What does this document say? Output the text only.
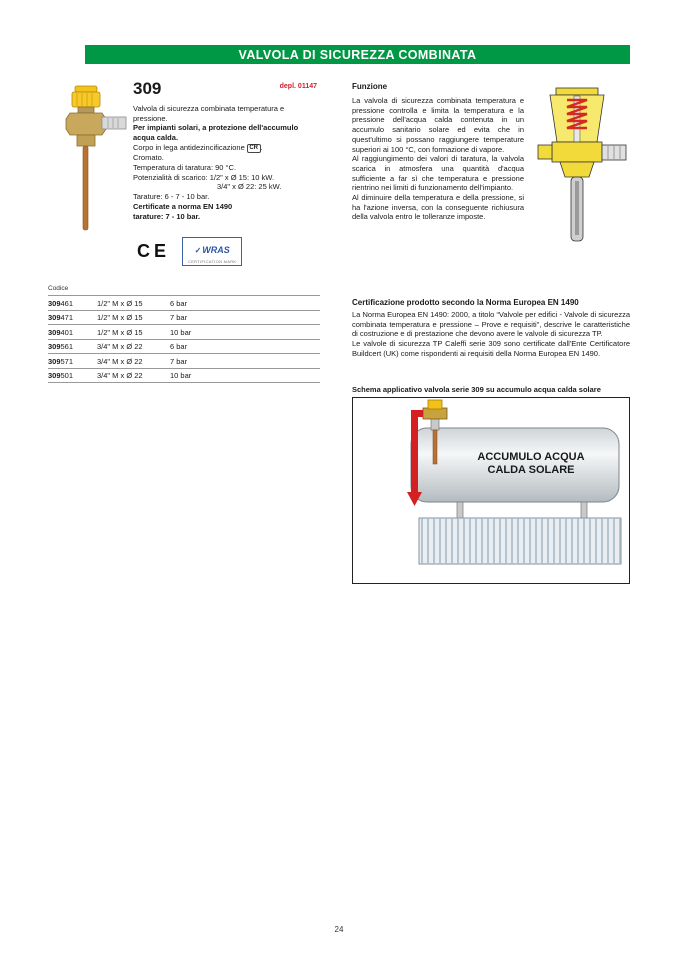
VALVOLA DI SICUREZZA COMBINATA
309	depl. 01147
Valvola di sicurezza combinata temperatura e pressione.
Per impianti solari, a protezione dell'accumulo acqua calda.
Corpo in lega antidezincificazione CR .
Cromato.
Temperatura di taratura: 90 °C.
Potenzialità di scarico: 1/2" x Ø 15: 10 kW.
3/4" x Ø 22: 25 kW.
Tarature: 6 - 7 - 10 bar.
Certificate a norma EN 1490
tarature: 7 - 10 bar.
CE	✓WRAS
CERTIFICATION MARK
Codice
309461	1/2" M x Ø 15	6 bar
309471	1/2" M x Ø 15	7 bar
309401	1/2" M x Ø 15	10 bar
309561	3/4" M x Ø 22	6 bar
309571	3/4" M x Ø 22	7 bar
309501	3/4" M x Ø 22	10 bar
Funzione
La valvola di sicurezza combinata temperatura e pressione controlla e limita la temperatura e la pressione dell'acqua calda contenuta in un accumulo sanitario solare ed evita che in quest'ultimo si possano raggiungere temperature superiori ai 100 °C, con formazione di vapore.
Al raggiungimento dei valori di taratura, la valvola scarica in atmosfera una quantità d'acqua sufficiente a far sì che temperatura e pressione rientrino nei limiti di funzionamento dell'impianto.
Al diminuire della temperatura e della pressione, si ha l'azione inversa, con la conseguente richiusura della valvola entro le tolleranze imposte.
Certificazione prodotto secondo la Norma Europea EN 1490
La Norma Europea EN 1490: 2000, a titolo “Valvole per edifici - Valvole di sicurezza combinata temperatura e pressione – Prove e requisiti”, descrive le caratteristiche di costruzione e di prestazione che devono avere le valvole di sicurezza TP.
Le valvole di sicurezza TP Caleffi serie 309 sono certificate dall'Ente Certificatore Buildcert (UK) come rispondenti ai requisiti della Norma Europea EN 1490.
Schema applicativo valvola serie 309 su accumulo acqua calda solare
ACCUMULO ACQUA
CALDA SOLARE
24
